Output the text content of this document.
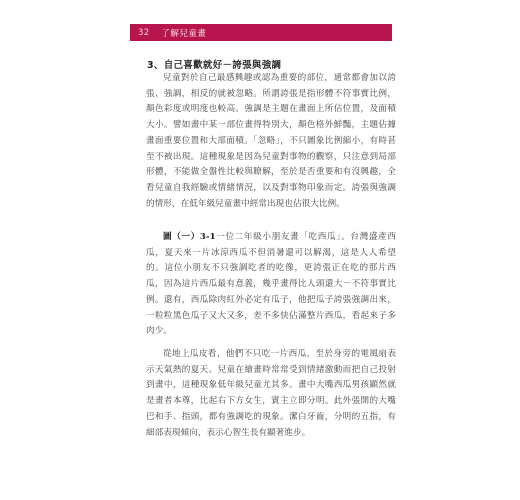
32 了解兒童畫
3、自己喜歡就好－誇張與強調

兒童對於自己最感興趣或認為重要的部位，通常都會加以誇張、強調，相反的就被忽略。所謂誇張是指形體不符事實比例，顏色彩度或明度也較高。強調是主題在畫面上所佔位置，及面積大小。譬如畫中某一部位畫得特別大，顏色格外鮮豔，主題佔據畫面重要位置和大部面積。「忽略」，不只圖象比例縮小，有時甚至不被出現。這種現象是因為兒童對事物的觀察，只注意到局部形體，不能做全盤性比較與瞭解，至於是否重要和有沒興趣，全看兒童自我經驗或情緒情況，以及對事物印象而定。誇張與強調的情形，在低年級兒童畫中經常出現也佔很大比例。

圖（一）3-1一位二年級小朋友畫「吃西瓜」。台灣盛產西瓜，夏天來一片冰涼西瓜不但消暑還可以解渴，這是人人希望的。這位小朋友不只強調吃者的吃像，更誇張正在吃的那片西瓜，因為這片西瓜最有意義，幾乎畫得比人頭還大－不符事實比例。還有，西瓜除肉紅外必定有瓜子，他把瓜子誇張強調出來，一粒粒黑色瓜子又大又多，差不多快佔滿整片西瓜，看起來子多肉少。

從地上瓜皮看，他們不只吃一片西瓜，至於身旁的電風扇表示天氣熱的夏天。兒童在繪畫時常常受到情緒激動而把自己投射到畫中，這種現象低年級兒童尤其多。畫中大嘴西瓜男孩顯然就是畫者本尊，比起右下方女生，賓主立即分明。此外張開的大嘴巴和手、指頭，都有強調吃的現象。潔白牙齒，分明的五指，有細部表現傾向，表示心智生長有顯著進步。
